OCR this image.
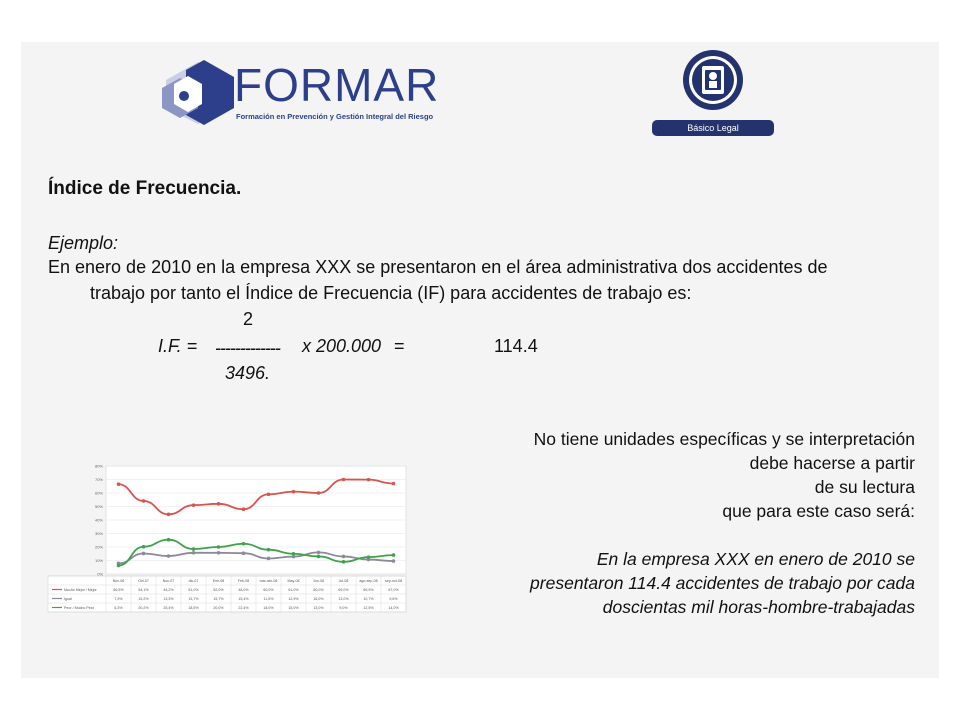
FORMAR
Formación en Prevención y Gestión Integral del Riesgo
Básico Legal
Índice de Frecuencia.
Ejemplo:
En enero de 2010 en la empresa XXX se presentaron en el área administrativa dos accidentes de
trabajo por tanto el Índice de Frecuencia (IF) para accidentes de trabajo es:
2
I.F. = ------------- x 200.000 =	114.4
3496.
No tiene unidades específicas y se interpretación
debe hacerse a partir
de su lectura
que para este caso será:
En la empresa XXX en enero de 2010 se
presentaron 114.4 accidentes de trabajo por cada
doscientas mil horas-hombre-trabajadas
0%
10%
20%
30%
40%
50%
60%
70%
80%
Nov-06	Oct-07	Nov-07	dic-07	Ene-08	Feb-08	mar-abr-08	May-08	Jun-08	Jul-08	ago-sep-08 sep-oct-08
Mucho Mejor / Mejor	66,5%	54,1%	44,2%	51,0%	52,0%	48,0%	60,0%	61,0%	60,0%	69,0%	69,9%	67,0%
Igual	7,9%	15,2%	13,3%	15,7%	15,7%	15,4%	11,5%	12,9%	16,0%	13,0%	10,7%	9,6%
Peor / Mucho Peor	6,3%	20,2%	25,4%	18,5%	20,0%	22,4%	18,0%	15,0%	13,0%	9,0%	12,5%	14,0%
